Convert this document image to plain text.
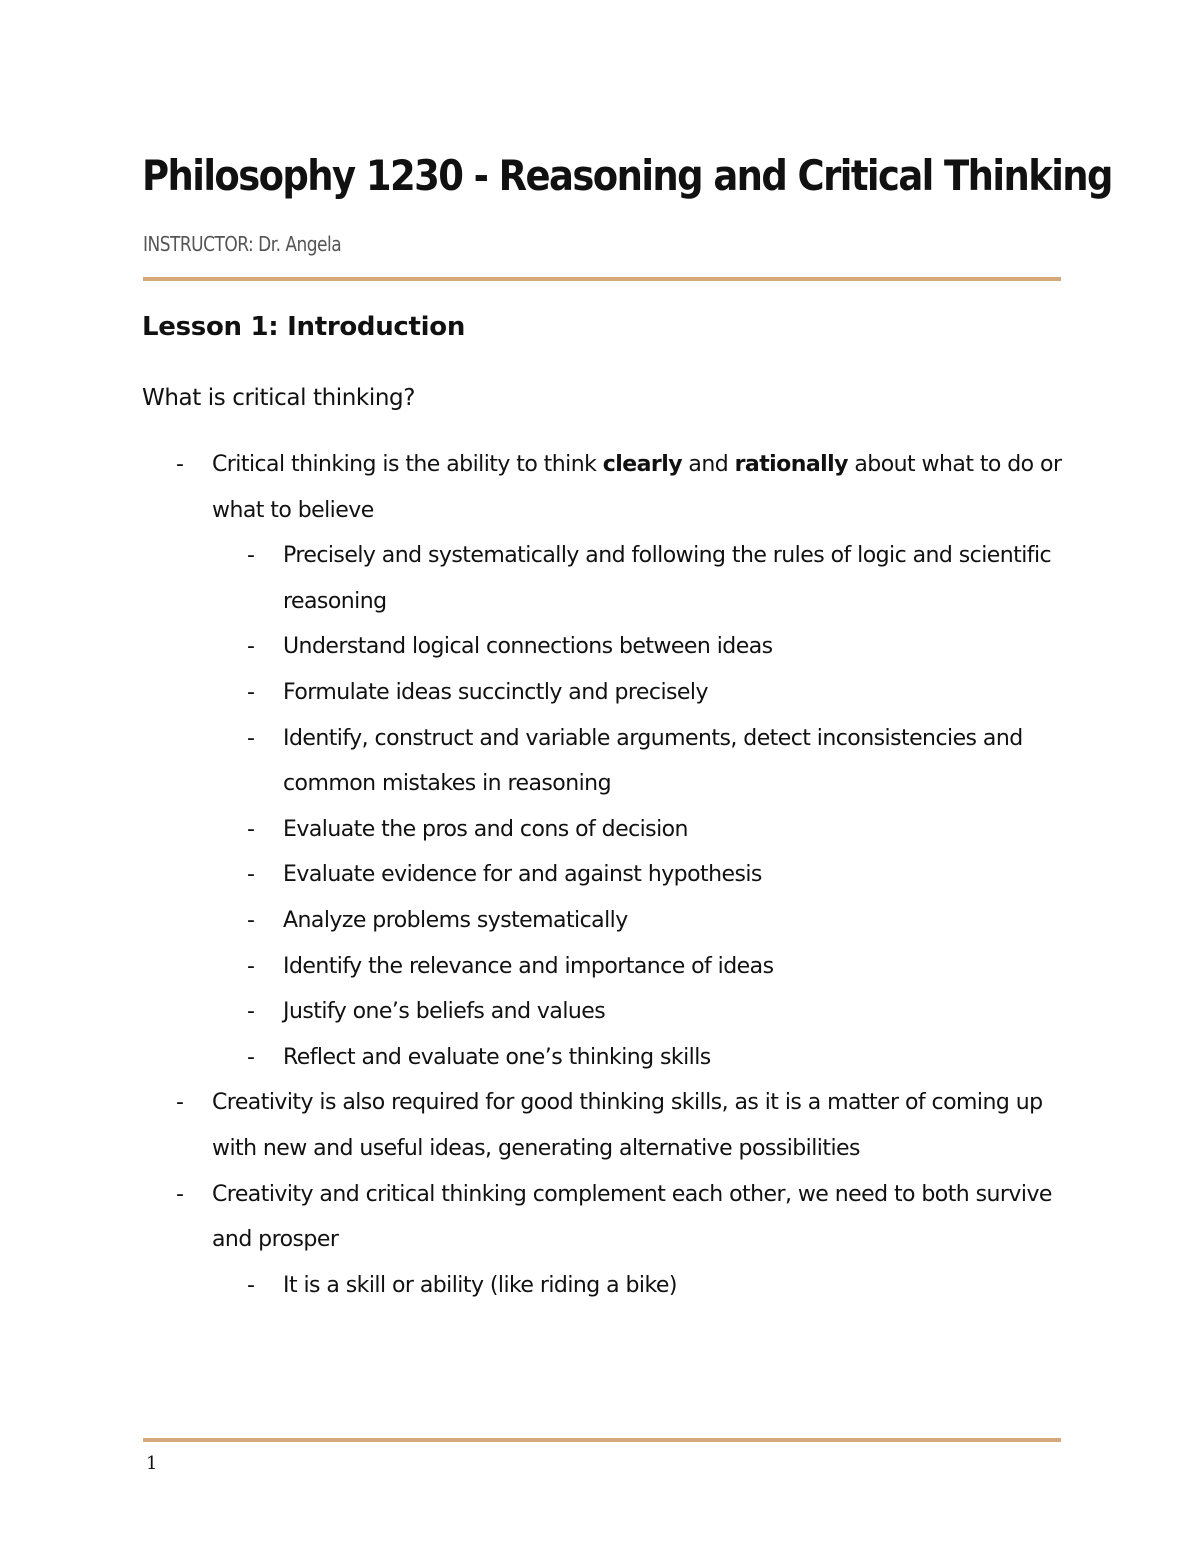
Philosophy 1230 - Reasoning and Critical Thinking
INSTRUCTOR: Dr. Angela
Lesson 1: Introduction

What is critical thinking?

- Critical thinking is the ability to think clearly and rationally about what to do or what to believe
- Precisely and systematically and following the rules of logic and scientific reasoning
- Understand logical connections between ideas
- Formulate ideas succinctly and precisely
- Identify, construct and variable arguments, detect inconsistencies and common mistakes in reasoning
- Evaluate the pros and cons of decision
- Evaluate evidence for and against hypothesis
- Analyze problems systematically
- Identify the relevance and importance of ideas
- Justify one’s beliefs and values
- Reflect and evaluate one’s thinking skills
- Creativity is also required for good thinking skills, as it is a matter of coming up with new and useful ideas, generating alternative possibilities
- Creativity and critical thinking complement each other, we need to both survive and prosper
- It is a skill or ability (like riding a bike)
1
